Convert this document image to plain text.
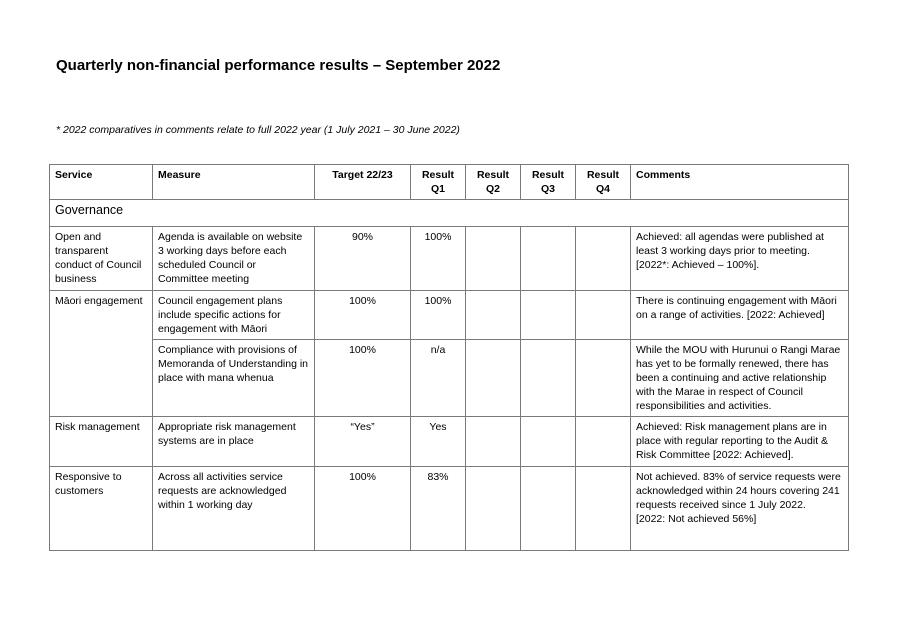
Quarterly non-financial performance results – September 2022
* 2022 comparatives in comments relate to full 2022 year (1 July 2021 – 30 June 2022)
Service	Measure	Target 22/23	Result Q1	Result Q2	Result Q3	Result Q4	Comments
Governance							
Open and transparent conduct of Council business	Agenda is available on website 3 working days before each scheduled Council or Committee meeting	90%	100%				Achieved: all agendas were published at least 3 working days prior to meeting. [2022*: Achieved – 100%].
Māori engagement	Council engagement plans include specific actions for engagement with Māori	100%	100%				There is continuing engagement with Māori on a range of activities. [2022: Achieved]
	Compliance with provisions of Memoranda of Understanding in place with mana whenua	100%	n/a				While the MOU with Hurunui o Rangi Marae has yet to be formally renewed, there has been a continuing and active relationship with the Marae in respect of Council responsibilities and activities.
Risk management	Appropriate risk management systems are in place	“Yes”	Yes				Achieved: Risk management plans are in place with regular reporting to the Audit & Risk Committee [2022: Achieved].
Responsive to customers	Across all activities service requests are acknowledged within 1 working day	100%	83%				Not achieved. 83% of service requests were acknowledged within 24 hours covering 241 requests received since 1 July 2022.
[2022: Not achieved 56%]
